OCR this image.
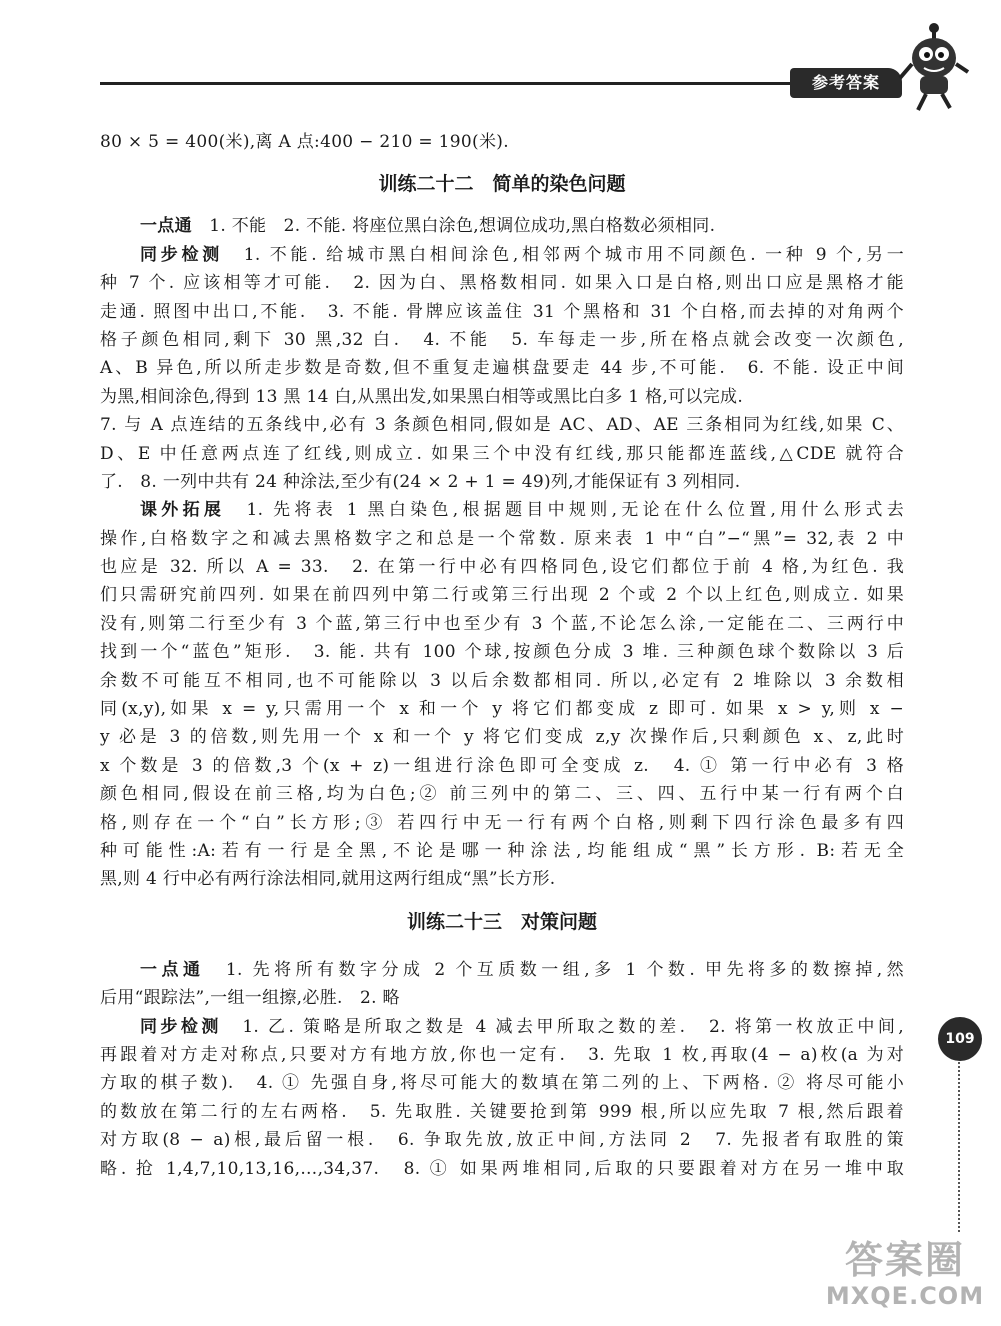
参考答案
80 × 5 = 400(米),离 A 点:400 − 210 = 190(米).
训练二十二　简单的染色问题
一点通　 1. 不能　2. 不能. 将座位黑白涂色,想调位成功,黑白格数必须相同.
同步检测　 1. 不能. 给城市黑白相间涂色,相邻两个城市用不同颜色. 一种 9 个,另一
种 7 个. 应该相等才可能.　2. 因为白、黑格数相同. 如果入口是白格,则出口应是黑格才能
走通. 照图中出口,不能.　3. 不能. 骨牌应该盖住 31 个黑格和 31 个白格,而去掉的对角两个
格子颜色相同,剩下 30 黑,32 白.　4. 不能　5. 车每走一步,所在格点就会改变一次颜色,
A、B 异色,所以所走步数是奇数,但不重复走遍棋盘要走 44 步,不可能.　6. 不能. 设正中间
为黑,相间涂色,得到 13 黑 14 白,从黑出发,如果黑白相等或黑比白多 1 格,可以完成.
7. 与 A 点连结的五条线中,必有 3 条颜色相同,假如是 AC、AD、AE 三条相同为红线,如果 C、
D、E 中任意两点连了红线,则成立. 如果三个中没有红线,那只能都连蓝线,△CDE 就符合
了.　8. 一列中共有 24 种涂法,至少有(24 × 2 + 1 = 49)列,才能保证有 3 列相同.
课外拓展　 1. 先将表 1 黑白染色,根据题目中规则,无论在什么位置,用什么形式去
操作,白格数字之和减去黑格数字之和总是一个常数. 原来表 1 中“白”−“黑”= 32,表 2 中
也应是 32. 所以 A = 33.　2. 在第一行中必有四格同色,设它们都位于前 4 格,为红色. 我
们只需研究前四列. 如果在前四列中第二行或第三行出现 2 个或 2 个以上红色,则成立. 如果
没有,则第二行至少有 3 个蓝,第三行中也至少有 3 个蓝,不论怎么涂,一定能在二、三两行中
找到一个“蓝色”矩形.　3. 能. 共有 100 个球,按颜色分成 3 堆. 三种颜色球个数除以 3 后
余数不可能互不相同,也不可能除以 3 以后余数都相同. 所以,必定有 2 堆除以 3 余数相
同(x,y),如果 x = y,只需用一个 x 和一个 y 将它们都变成 z 即可. 如果 x > y,则 x −
y 必是 3 的倍数,则先用一个 x 和一个 y 将它们变成 z,y 次操作后,只剩颜色 x、z,此时
x 个数是 3 的倍数,3 个(x + z)一组进行涂色即可全变成 z.　4. ① 第一行中必有 3 格
颜色相同,假设在前三格,均为白色;② 前三列中的第二、三、四、五行中某一行有两个白
格,则存在一个“白”长方形;③ 若四行中无一行有两个白格,则剩下四行涂色最多有四
种可能性:A:若有一行是全黑,不论是哪一种涂法,均能组成“黑”长方形. B:若无全
黑,则 4 行中必有两行涂法相同,就用这两行组成“黑”长方形.
训练二十三　对策问题
一点通　 1. 先将所有数字分成 2 个互质数一组,多 1 个数. 甲先将多的数擦掉,然
后用“跟踪法”,一组一组擦,必胜.　2. 略
同步检测　 1. 乙. 策略是所取之数是 4 减去甲所取之数的差.　2. 将第一枚放正中间,
再跟着对方走对称点,只要对方有地方放,你也一定有.　3. 先取 1 枚,再取(4 − a)枚(a 为对
方取的棋子数).　4. ① 先强自身,将尽可能大的数填在第二列的上、下两格. ② 将尽可能小
的数放在第二行的左右两格.　5. 先取胜. 关键要抢到第 999 根,所以应先取 7 根,然后跟着
对方取(8 − a)根,最后留一根.　6. 争取先放,放正中间,方法同 2　7. 先报者有取胜的策
略. 抢 1,4,7,10,13,16,…,34,37.　8. ① 如果两堆相同,后取的只要跟着对方在另一堆中取
109
答案圈
MXQE.COM
